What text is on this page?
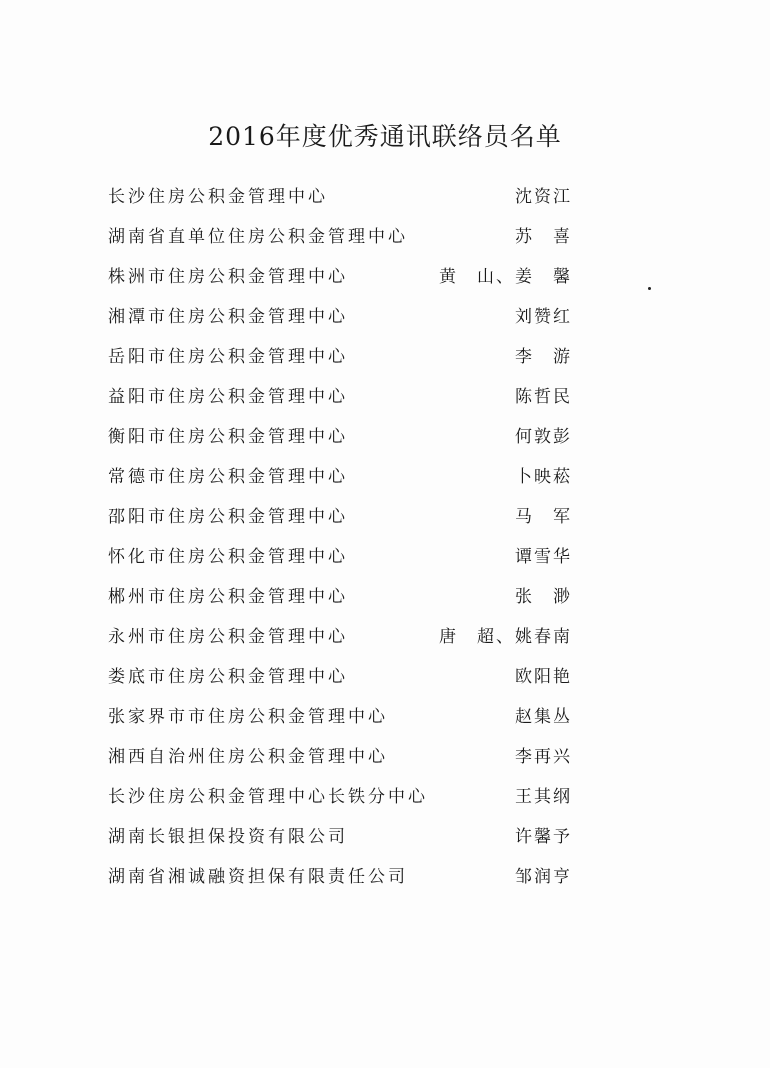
2016年度优秀通讯联络员名单
长沙住房公积金管理中心	沈资江
湖南省直单位住房公积金管理中心	苏　喜
株洲市住房公积金管理中心	黄　山、姜　馨
湘潭市住房公积金管理中心	刘赞红
岳阳市住房公积金管理中心	李　游
益阳市住房公积金管理中心	陈哲民
衡阳市住房公积金管理中心	何敦彭
常德市住房公积金管理中心	卜映菘
邵阳市住房公积金管理中心	马　军
怀化市住房公积金管理中心	谭雪华
郴州市住房公积金管理中心	张　渺
永州市住房公积金管理中心	唐　超、姚春南
娄底市住房公积金管理中心	欧阳艳
张家界市市住房公积金管理中心	赵集丛
湘西自治州住房公积金管理中心	李再兴
长沙住房公积金管理中心长铁分中心	王其纲
湖南长银担保投资有限公司	许馨予
湖南省湘诚融资担保有限责任公司	邹润亨
